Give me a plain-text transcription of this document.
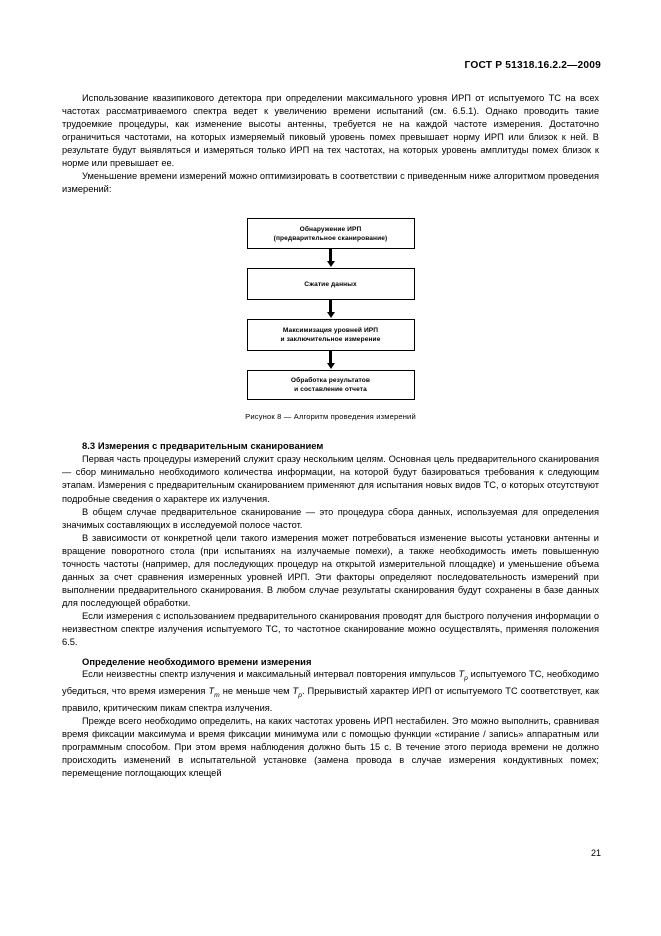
ГОСТ Р 51318.16.2.2—2009

Использование квазипикового детектора при определении максимального уровня ИРП от испытуемого ТС на всех частотах рассматриваемого спектра ведет к увеличению времени испытаний (см. 6.5.1). Однако проводить такие трудоемкие процедуры, как изменение высоты антенны, требуется не на каждой частоте измерения. Достаточно ограничиться частотами, на которых измеряемый пиковый уровень помех превышает норму ИРП или близок к ней. В результате будут выявляться и измеряться только ИРП на тех частотах, на которых уровень амплитуды помех близок к норме или превышает ее.

Уменьшение времени измерений можно оптимизировать в соответствии с приведенным ниже алгоритмом проведения измерений:

Обнаружение ИРП
(предварительное сканирование)
Сжатие данных
Максимизация уровней ИРП
и заключительное измерение
Обработка результатов
и составление отчета
Рисунок 8 — Алгоритм проведения измерений
8.3 Измерения с предварительным сканированием

Первая часть процедуры измерений служит сразу нескольким целям. Основная цель предварительного сканирования — сбор минимально необходимого количества информации, на которой будут базироваться требования к следующим этапам. Измерения с предварительным сканированием применяют для испытания новых видов ТС, о которых отсутствуют подробные сведения о характере их излучения.

В общем случае предварительное сканирование — это процедура сбора данных, используемая для определения значимых составляющих в исследуемой полосе частот.

В зависимости от конкретной цели такого измерения может потребоваться изменение высоты установки антенны и вращение поворотного стола (при испытаниях на излучаемые помехи), а также необходимость иметь повышенную точность частоты (например, для последующих процедур на открытой измерительной площадке) и уменьшение объема данных за счет сравнения измеренных уровней ИРП. Эти факторы определяют последовательность измерений при выполнении предварительного сканирования. В любом случае результаты сканирования будут сохранены в базе данных для последующей обработки.

Если измерения с использованием предварительного сканирования проводят для быстрого получения информации о неизвестном спектре излучения испытуемого ТС, то частотное сканирование можно осуществлять, применяя положения 6.5.

Определение необходимого времени измерения

Если неизвестны спектр излучения и максимальный интервал повторения импульсов $T_p$ испытуемого ТС, необходимо убедиться, что время измерения $T_m$ не меньше чем $T_p$. Прерывистый характер ИРП от испытуемого ТС соответствует, как правило, критическим пикам спектра излучения.

Прежде всего необходимо определить, на каких частотах уровень ИРП нестабилен. Это можно выполнить, сравнивая время фиксации максимума и время фиксации минимума или с помощью функции «стирание / запись» аппаратным или программным способом. При этом время наблюдения должно быть 15 с. В течение этого периода времени не должно происходить изменений в испытательной установке (замена провода в случае измерения кондуктивных помех; перемещение поглощающих клещей

21
